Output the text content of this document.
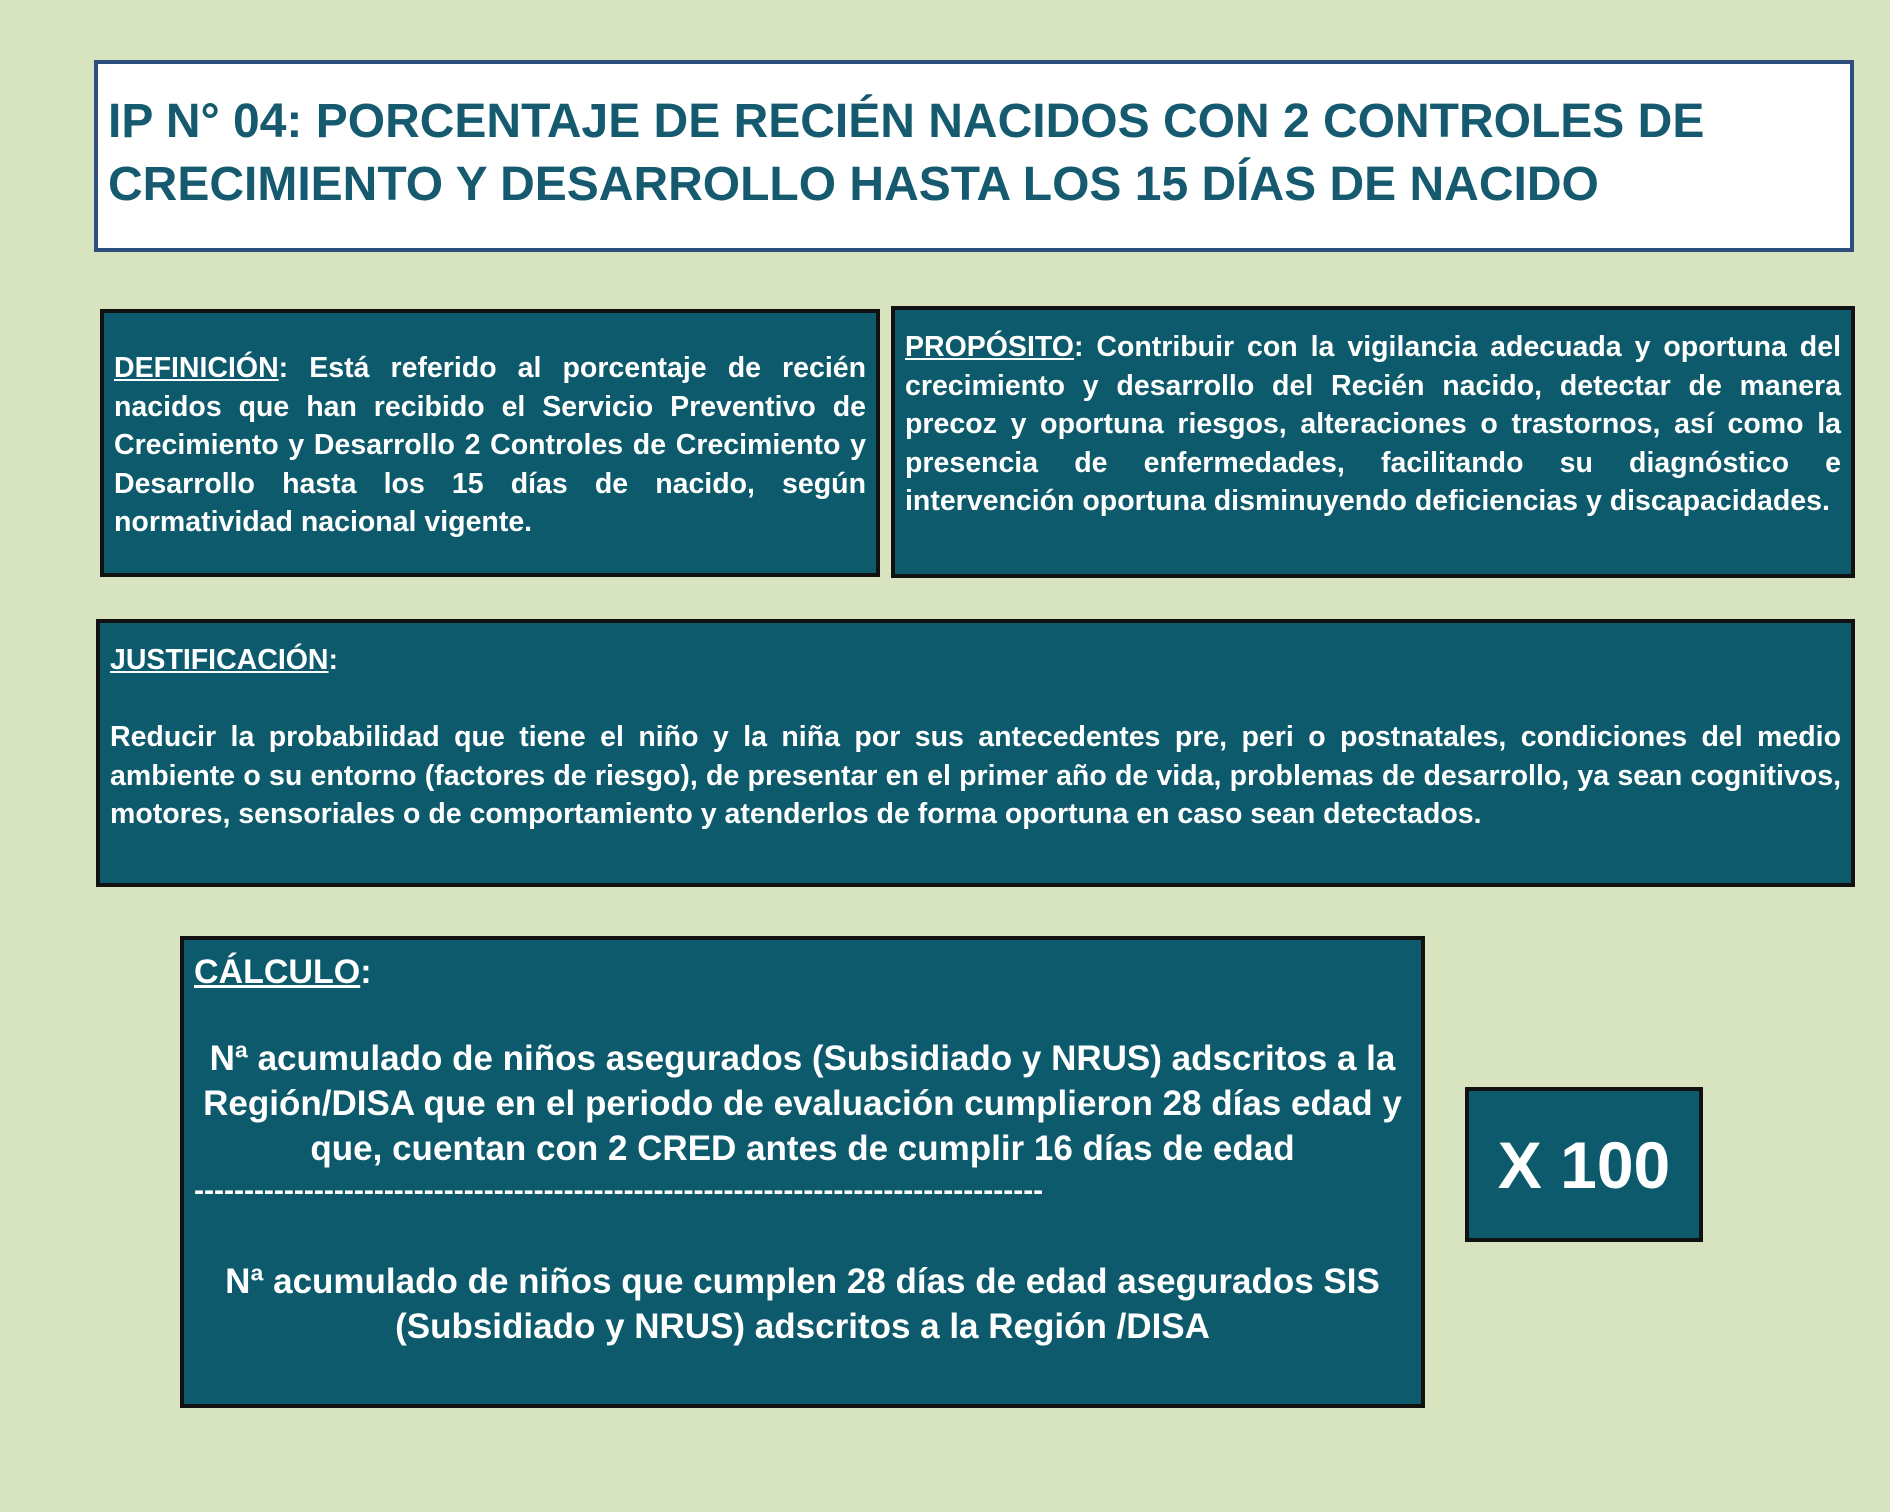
IP N° 04: PORCENTAJE DE RECIÉN NACIDOS CON 2 CONTROLES DE CRECIMIENTO Y DESARROLLO HASTA LOS 15 DÍAS DE NACIDO

DEFINICIÓN: Está referido al porcentaje de recién nacidos que han recibido el Servicio Preventivo de Crecimiento y Desarrollo 2 Controles de Crecimiento y Desarrollo hasta los 15 días de nacido, según normatividad nacional vigente.
PROPÓSITO: Contribuir con la vigilancia adecuada y oportuna del crecimiento y desarrollo del Recién nacido, detectar de manera precoz y oportuna riesgos, alteraciones o trastornos, así como la presencia de enfermedades, facilitando su diagnóstico e intervención oportuna disminuyendo deficiencias y discapacidades.
JUSTIFICACIÓN:
Reducir la probabilidad que tiene el niño y la niña por sus antecedentes pre, peri o postnatales, condiciones del medio ambiente o su entorno (factores de riesgo), de presentar en el primer año de vida, problemas de desarrollo, ya sean cognitivos, motores, sensoriales o de comportamiento y atenderlos de forma oportuna en caso sean detectados.
CÁLCULO:
Nª acumulado de niños asegurados (Subsidiado y NRUS) adscritos a la Región/DISA que en el periodo de evaluación cumplieron 28 días edad y que, cuentan con 2 CRED antes de cumplir 16 días de edad
-------------------------------------------------------------------------------------
Nª acumulado de niños que cumplen 28 días de edad asegurados SIS (Subsidiado y NRUS) adscritos a la Región /DISA
X 100
